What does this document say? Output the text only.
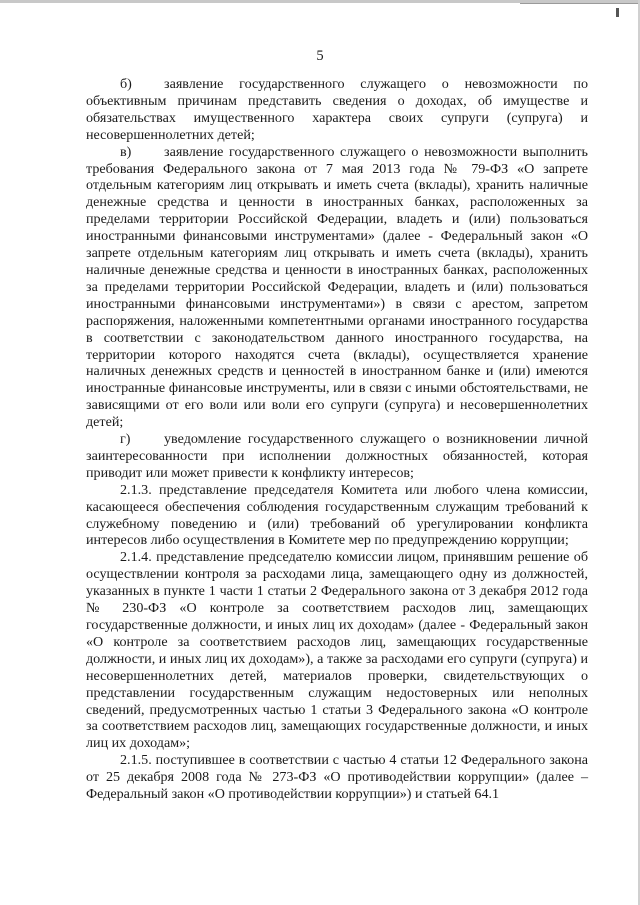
5

б) заявление государственного служащего о невозможности по объективным причинам представить сведения о доходах, об имуществе и обязательствах имущественного характера своих супруги (супруга) и несовершеннолетних детей;

в) заявление государственного служащего о невозможности выполнить требования Федерального закона от 7 мая 2013 года № 79-ФЗ «О запрете отдельным категориям лиц открывать и иметь счета (вклады), хранить наличные денежные средства и ценности в иностранных банках, расположенных за пределами территории Российской Федерации, владеть и (или) пользоваться иностранными финансовыми инструментами» (далее - Федеральный закон «О запрете отдельным категориям лиц открывать и иметь счета (вклады), хранить наличные денежные средства и ценности в иностранных банках, расположенных за пределами территории Российской Федерации, владеть и (или) пользоваться иностранными финансовыми инструментами») в связи с арестом, запретом распоряжения, наложенными компетентными органами иностранного государства в соответствии с законодательством данного иностранного государства, на территории которого находятся счета (вклады), осуществляется хранение наличных денежных средств и ценностей в иностранном банке и (или) имеются иностранные финансовые инструменты, или в связи с иными обстоятельствами, не зависящими от его воли или воли его супруги (супруга) и несовершеннолетних детей;

г) уведомление государственного служащего о возникновении личной заинтересованности при исполнении должностных обязанностей, которая приводит или может привести к конфликту интересов;

2.1.3. представление председателя Комитета или любого члена комиссии, касающееся обеспечения соблюдения государственным служащим требований к служебному поведению и (или) требований об урегулировании конфликта интересов либо осуществления в Комитете мер по предупреждению коррупции;

2.1.4. представление председателю комиссии лицом, принявшим решение об осуществлении контроля за расходами лица, замещающего одну из должностей, указанных в пункте 1 части 1 статьи 2 Федерального закона от 3 декабря 2012 года № 230-ФЗ «О контроле за соответствием расходов лиц, замещающих государственные должности, и иных лиц их доходам» (далее - Федеральный закон «О контроле за соответствием расходов лиц, замещающих государственные должности, и иных лиц их доходам»), а также за расходами его супруги (супруга) и несовершеннолетних детей, материалов проверки, свидетельствующих о представлении государственным служащим недостоверных или неполных сведений, предусмотренных частью 1 статьи 3 Федерального закона «О контроле за соответствием расходов лиц, замещающих государственные должности, и иных лиц их доходам»;

2.1.5. поступившее в соответствии с частью 4 статьи 12 Федерального закона от 25 декабря 2008 года № 273-ФЗ «О противодействии коррупции» (далее – Федеральный закон «О противодействии коррупции») и статьей 64.1
